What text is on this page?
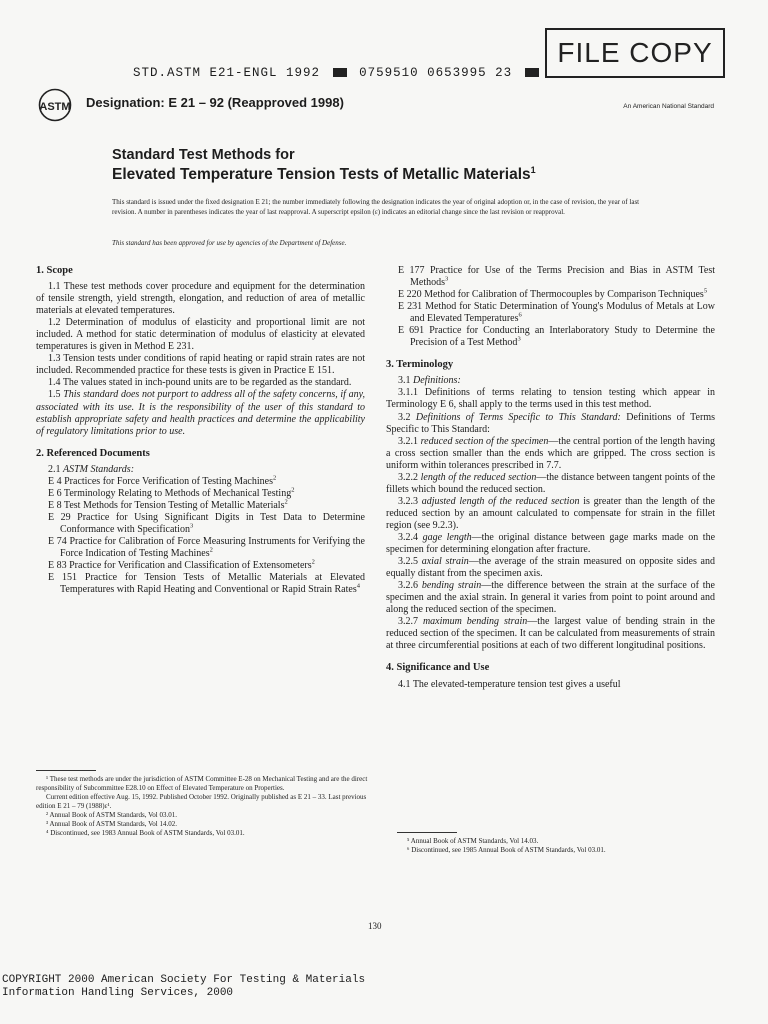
FILE COPY
STD.ASTM E21-ENGL 1992	0759510 0653995 23
ASTM Designation: E 21 – 92 (Reapproved 1998)	An American National Standard
Standard Test Methods for
Elevated Temperature Tension Tests of Metallic Materials$^1$
This standard is issued under the fixed designation E 21; the number immediately following the designation indicates the year of original adoption or, in the case of revision, the year of last revision. A number in parentheses indicates the year of last reapproval. A superscript epsilon (ε) indicates an editorial change since the last revision or reapproval.
This standard has been approved for use by agencies of the Department of Defense.
1. Scope

1.1 These test methods cover procedure and equipment for the determination of tensile strength, yield strength, elongation, and reduction of area of metallic materials at elevated temperatures.

1.2 Determination of modulus of elasticity and proportional limit are not included. A method for static determination of modulus of elasticity at elevated temperatures is given in Method E 231.

1.3 Tension tests under conditions of rapid heating or rapid strain rates are not included. Recommended practice for these tests is given in Practice E 151.

1.4 The values stated in inch-pound units are to be regarded as the standard.

1.5 This standard does not purport to address all of the safety concerns, if any, associated with its use. It is the responsibility of the user of this standard to establish appropriate safety and health practices and determine the applicability of regulatory limitations prior to use.

2. Referenced Documents

2.1 ASTM Standards:

E 4 Practices for Force Verification of Testing Machines$^2$

E 6 Terminology Relating to Methods of Mechanical Testing$^2$

E 8 Test Methods for Tension Testing of Metallic Materials$^2$

E 29 Practice for Using Significant Digits in Test Data to Determine Conformance with Specification$^3$

E 74 Practice for Calibration of Force Measuring Instruments for Verifying the Force Indication of Testing Machines$^2$

E 83 Practice for Verification and Classification of Extensometers$^2$

E 151 Practice for Tension Tests of Metallic Materials at Elevated Temperatures with Rapid Heating and Conventional or Rapid Strain Rates$^4$

E 177 Practice for Use of the Terms Precision and Bias in ASTM Test Methods$^3$

E 220 Method for Calibration of Thermocouples by Comparison Techniques$^5$

E 231 Method for Static Determination of Young's Modulus of Metals at Low and Elevated Temperatures$^6$

E 691 Practice for Conducting an Interlaboratory Study to Determine the Precision of a Test Method$^3$

3. Terminology

3.1 Definitions:

3.1.1 Definitions of terms relating to tension testing which appear in Terminology E 6, shall apply to the terms used in this test method.

3.2 Definitions of Terms Specific to This Standard: Definitions of Terms Specific to This Standard:

3.2.1 reduced section of the specimen—the central portion of the length having a cross section smaller than the ends which are gripped. The cross section is uniform within tolerances prescribed in 7.7.

3.2.2 length of the reduced section—the distance between tangent points of the fillets which bound the reduced section.

3.2.3 adjusted length of the reduced section is greater than the length of the reduced section by an amount calculated to compensate for strain in the fillet region (see 9.2.3).

3.2.4 gage length—the original distance between gage marks made on the specimen for determining elongation after fracture.

3.2.5 axial strain—the average of the strain measured on opposite sides and equally distant from the specimen axis.

3.2.6 bending strain—the difference between the strain at the surface of the specimen and the axial strain. In general it varies from point to point around and along the reduced section of the specimen.

3.2.7 maximum bending strain—the largest value of bending strain in the reduced section of the specimen. It can be calculated from measurements of strain at three circumferential positions at each of two different longitudinal positions.

4. Significance and Use

4.1 The elevated-temperature tension test gives a useful

¹ These test methods are under the jurisdiction of ASTM Committee E-28 on Mechanical Testing and are the direct responsibility of Subcommittee E28.10 on Effect of Elevated Temperature on Properties.

Current edition effective Aug. 15, 1992. Published October 1992. Originally published as E 21 – 33. Last previous edition E 21 – 79 (1988)ε¹.

² Annual Book of ASTM Standards, Vol 03.01.

³ Annual Book of ASTM Standards, Vol 14.02.

⁴ Discontinued, see 1983 Annual Book of ASTM Standards, Vol 03.01.

⁵ Annual Book of ASTM Standards, Vol 14.03.

⁶ Discontinued, see 1985 Annual Book of ASTM Standards, Vol 03.01.

130
COPYRIGHT 2000 American Society For Testing & Materials
Information Handling Services, 2000
